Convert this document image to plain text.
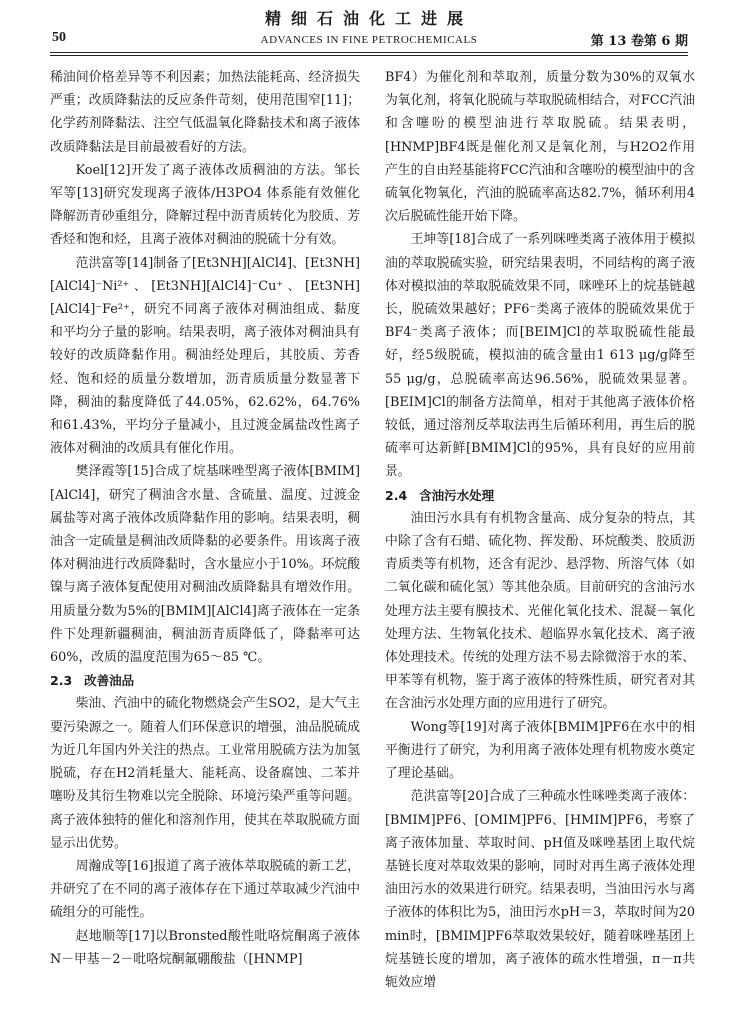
50
精细石油化工进展
ADVANCES IN FINE PETROCHEMICALS	第 13 卷第 6 期

稀油间价格差异等不利因素；加热法能耗高、经济损失严重；改质降黏法的反应条件苛刻，使用范围窄[11]；化学药剂降黏法、注空气低温氧化降黏技术和离子液体改质降黏法是目前最被看好的方法。

Koel[12]开发了离子液体改质稠油的方法。邹长军等[13]研究发现离子液体/H3PO4 体系能有效催化降解沥青砂重组分，降解过程中沥青质转化为胶质、芳香烃和饱和烃，且离子液体对稠油的脱硫十分有效。

范洪富等[14]制备了[Et3NH][AlCl4]、[Et3NH][AlCl4]⁻Ni²⁺、[Et3NH][AlCl4]⁻Cu⁺、[Et3NH][AlCl4]⁻Fe²⁺，研究不同离子液体对稠油组成、黏度和平均分子量的影响。结果表明，离子液体对稠油具有较好的改质降黏作用。稠油经处理后，其胶质、芳香烃、饱和烃的质量分数增加，沥青质质量分数显著下降，稠油的黏度降低了44.05%，62.62%，64.76%和61.43%，平均分子量减小，且过渡金属盐改性离子液体对稠油的改质具有催化作用。

樊泽霞等[15]合成了烷基咪唑型离子液体[BMIM][AlCl4]，研究了稠油含水量、含硫量、温度、过渡金属盐等对离子液体改质降黏作用的影响。结果表明，稠油含一定硫量是稠油改质降黏的必要条件。用该离子液体对稠油进行改质降黏时，含水量应小于10%。环烷酸镍与离子液体复配使用对稠油改质降黏具有增效作用。用质量分数为5%的[BMIM][AlCl4]离子液体在一定条件下处理新疆稠油，稠油沥青质降低了，降黏率可达60%，改质的温度范围为65～85 ℃。

2.3 改善油品

柴油、汽油中的硫化物燃烧会产生SO2，是大气主要污染源之一。随着人们环保意识的增强，油品脱硫成为近几年国内外关注的热点。工业常用脱硫方法为加氢脱硫，存在H2消耗量大、能耗高、设备腐蚀、二苯并噻吩及其衍生物难以完全脱除、环境污染严重等问题。离子液体独特的催化和溶剂作用，使其在萃取脱硫方面显示出优势。

周瀚成等[16]报道了离子液体萃取脱硫的新工艺，并研究了在不同的离子液体存在下通过萃取减少汽油中硫组分的可能性。

赵地顺等[17]以Bronsted酸性吡咯烷酮离子液体N－甲基－2－吡咯烷酮氟硼酸盐（[HNMP]

BF4）为催化剂和萃取剂，质量分数为30%的双氧水为氧化剂，将氧化脱硫与萃取脱硫相结合，对FCC汽油和含噻吩的模型油进行萃取脱硫。结果表明，[HNMP]BF4既是催化剂又是氧化剂，与H2O2作用产生的自由羟基能将FCC汽油和含噻吩的模型油中的含硫氧化物氧化，汽油的脱硫率高达82.7%，循环利用4次后脱硫性能开始下降。

王坤等[18]合成了一系列咪唑类离子液体用于模拟油的萃取脱硫实验，研究结果表明，不同结构的离子液体对模拟油的萃取脱硫效果不同，咪唑环上的烷基链越长，脱硫效果越好；PF6⁻类离子液体的脱硫效果优于BF4⁻类离子液体；而[BEIM]Cl的萃取脱硫性能最好，经5级脱硫，模拟油的硫含量由1 613 μg/g降至55 μg/g，总脱硫率高达96.56%，脱硫效果显著。[BEIM]Cl的制备方法简单，相对于其他离子液体价格较低，通过溶剂反萃取法再生后循环利用，再生后的脱硫率可达新鲜[BMIM]Cl的95%，具有良好的应用前景。

2.4 含油污水处理

油田污水具有有机物含量高、成分复杂的特点，其中除了含有石蜡、硫化物、挥发酚、环烷酸类、胶质沥青质类等有机物，还含有泥沙、悬浮物、所溶气体（如二氧化碳和硫化氢）等其他杂质。目前研究的含油污水处理方法主要有膜技术、光催化氧化技术、混凝－氧化处理方法、生物氧化技术、超临界水氧化技术、离子液体处理技术。传统的处理方法不易去除微溶于水的苯、甲苯等有机物，鉴于离子液体的特殊性质，研究者对其在含油污水处理方面的应用进行了研究。

Wong等[19]对离子液体[BMIM]PF6在水中的相平衡进行了研究，为利用离子液体处理有机物废水奠定了理论基础。

范洪富等[20]合成了三种疏水性咪唑类离子液体：[BMIM]PF6、[OMIM]PF6、[HMIM]PF6，考察了离子液体加量、萃取时间、pH值及咪唑基团上取代烷基链长度对萃取效果的影响，同时对再生离子液体处理油田污水的效果进行研究。结果表明，当油田污水与离子液体的体积比为5，油田污水pH＝3，萃取时间为20 min时，[BMIM]PF6萃取效果较好，随着咪唑基团上烷基链长度的增加，离子液体的疏水性增强，π－π共轭效应增
